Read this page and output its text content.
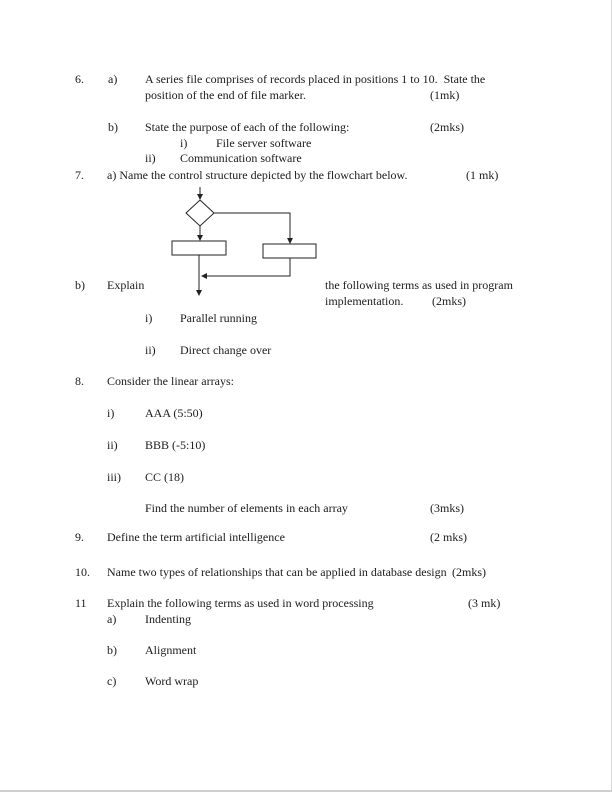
6. a) A series file comprises of records placed in positions 1 to 10.  State the
position of the end of file marker.	(1mk)
b) State the purpose of each of the following:	(2mks)
i) File server software
ii) Communication software
7. a) Name the control structure depicted by the flowchart below.	(1 mk)
b) Explain	the following terms as used in program
implementation. (2mks)
i) Parallel running
ii) Direct change over
8. Consider the linear arrays:
i)	AAA (5:50)
ii) BBB (-5:10)
iii) CC (18)
Find the number of elements in each array	(3mks)
9. Define the term artificial intelligence	(2 mks)
10. Name two types of relationships that can be applied in database design (2mks)
11 Explain the following terms as used in word processing	(3 mk)
a) Indenting
b) Alignment
c) Word wrap
